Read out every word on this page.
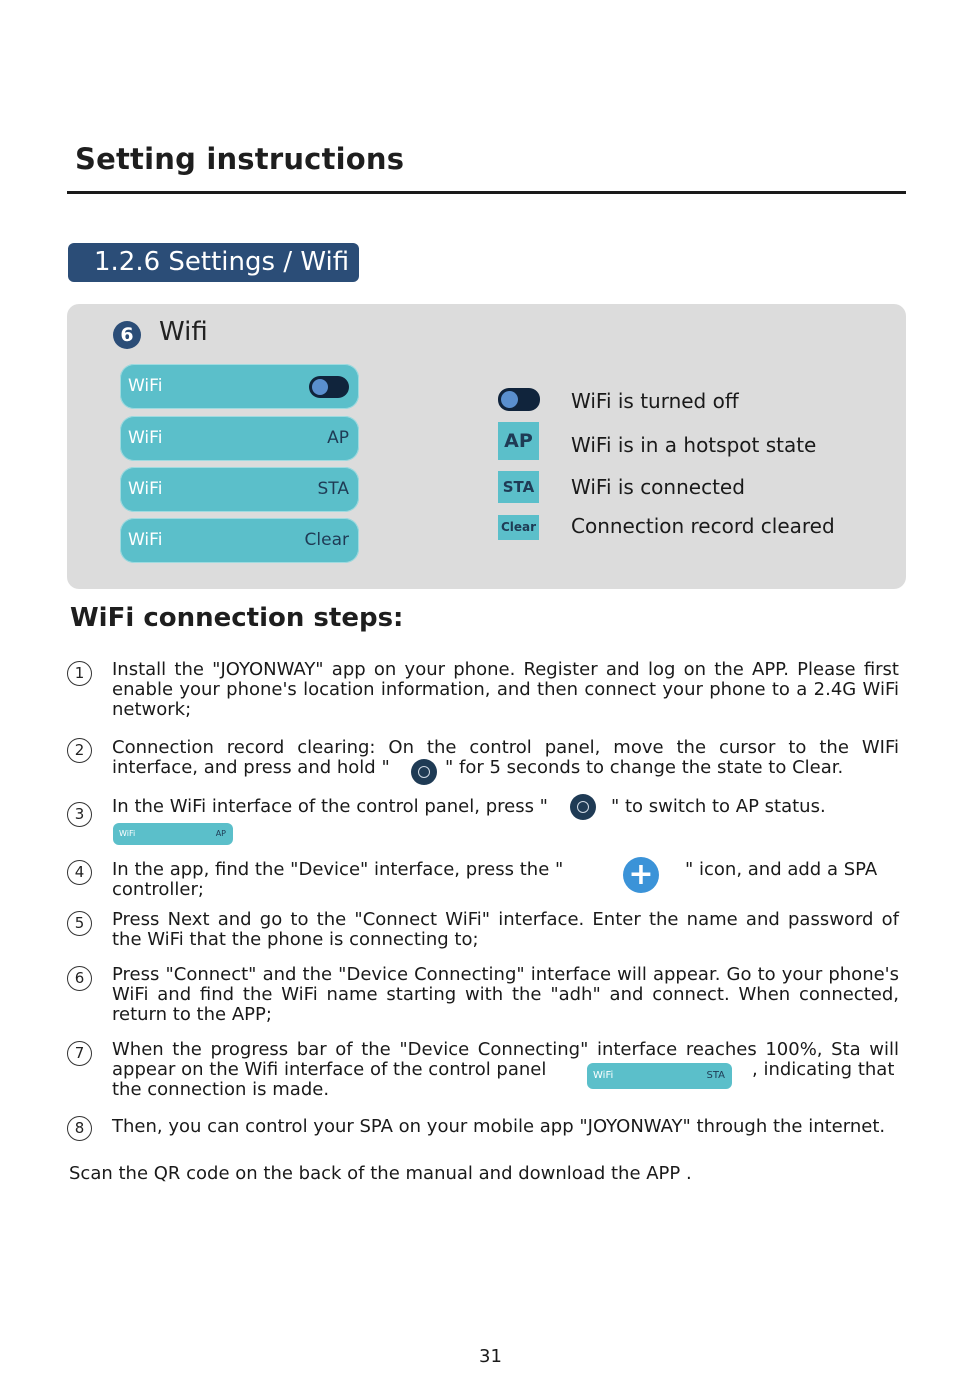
Setting instructions
1.2.6 Settings / Wifi
6 Wifi
WiFi
WiFi	AP
WiFi	STA
WiFi	Clear
WiFi is turned off
AP	WiFi is in a hotspot state
STA WiFi is connected
Clear Connection record cleared
WiFi connection steps:
1	Install the "JOYONWAY" app on your phone. Register and log on the APP. Please first enable your phone's location information, and then connect your phone to a 2.4G WiFi network;
2	Connection record clearing: On the control panel, move the cursor to the WIFi
interface, and press and hold "	" for 5 seconds to change the state to Clear.
3	In the WiFi interface of the control panel, press "	" to switch to AP status.
WiFi	AP
4	In the app, find the "Device" interface, press the " +	" icon, and add a SPA
controller;
5	Press Next and go to the "Connect WiFi" interface. Enter the name and password of the WiFi that the phone is connecting to;
6	Press "Connect" and the "Device Connecting" interface will appear. Go to your phone's WiFi and find the WiFi name starting with the "adh" and connect. When connected, return to the APP;
7	When the progress bar of the "Device Connecting" interface reaches 100%, Sta will
appear on the Wifi interface of the control panel	WiFi	STA , indicating that
the connection is made.
8	Then, you can control your SPA on your mobile app "JOYONWAY" through the internet.
Scan the QR code on the back of the manual and download the APP .
31
